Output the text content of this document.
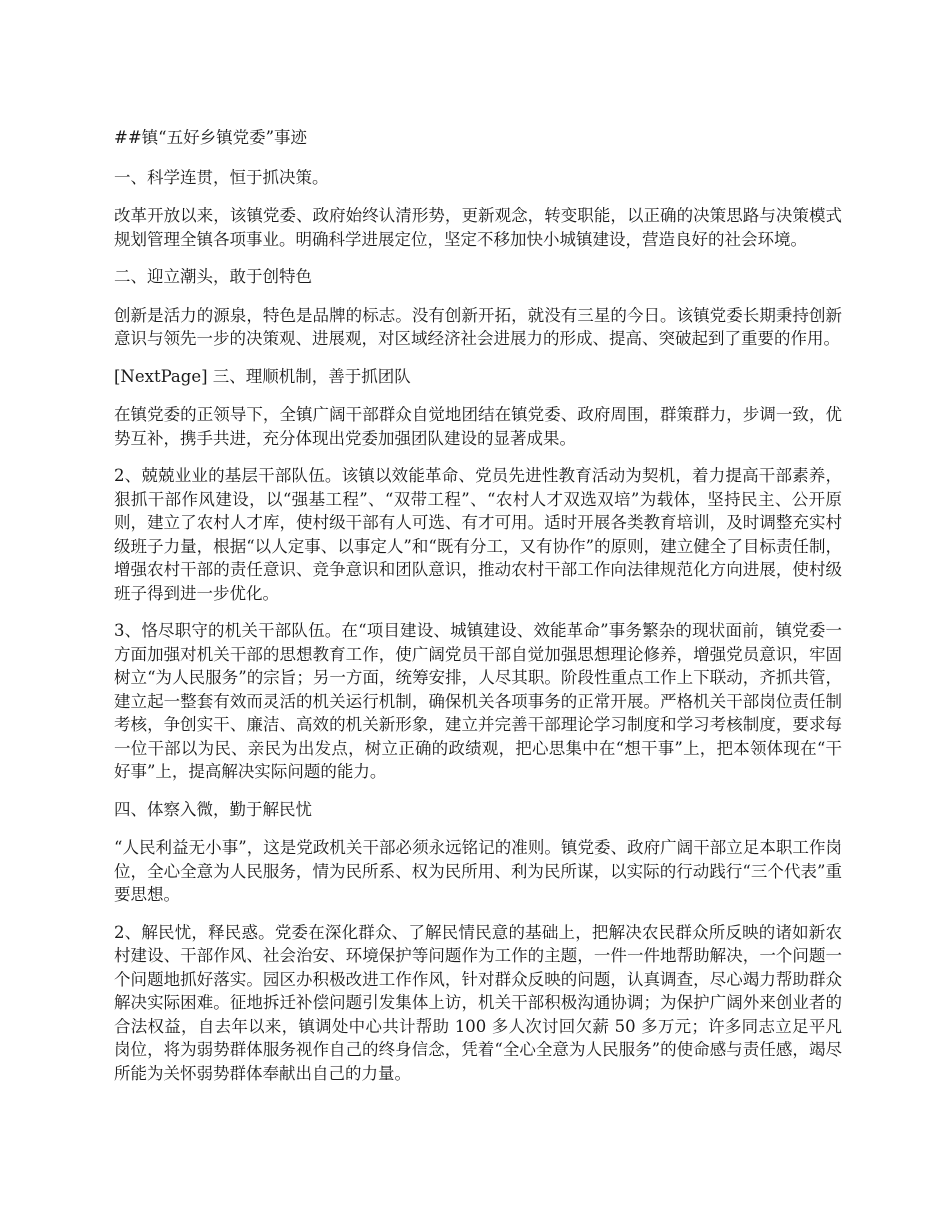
##镇“五好乡镇党委”事迹

一、科学连贯，恒于抓决策。

改革开放以来，该镇党委、政府始终认清形势，更新观念，转变职能，以正确的决策思路与决策模式规划管理全镇各项事业。明确科学进展定位，坚定不移加快小城镇建设，营造良好的社会环境。

二、迎立潮头，敢于创特色

创新是活力的源泉，特色是品牌的标志。没有创新开拓，就没有三星的今日。该镇党委长期秉持创新意识与领先一步的决策观、进展观，对区域经济社会进展力的形成、提高、突破起到了重要的作用。

[NextPage] 三、理顺机制，善于抓团队

在镇党委的正领导下，全镇广阔干部群众自觉地团结在镇党委、政府周围，群策群力，步调一致，优势互补，携手共进，充分体现出党委加强团队建设的显著成果。

2、兢兢业业的基层干部队伍。该镇以效能革命、党员先进性教育活动为契机，着力提高干部素养，狠抓干部作风建设，以“强基工程”、“双带工程”、“农村人才双选双培”为载体，坚持民主、公开原则，建立了农村人才库，使村级干部有人可选、有才可用。适时开展各类教育培训，及时调整充实村级班子力量，根据“以人定事、以事定人”和“既有分工，又有协作”的原则，建立健全了目标责任制，增强农村干部的责任意识、竞争意识和团队意识，推动农村干部工作向法律规范化方向进展，使村级班子得到进一步优化。

3、恪尽职守的机关干部队伍。在“项目建设、城镇建设、效能革命”事务繁杂的现状面前，镇党委一方面加强对机关干部的思想教育工作，使广阔党员干部自觉加强思想理论修养，增强党员意识，牢固树立“为人民服务”的宗旨；另一方面，统筹安排，人尽其职。阶段性重点工作上下联动，齐抓共管，建立起一整套有效而灵活的机关运行机制，确保机关各项事务的正常开展。严格机关干部岗位责任制考核，争创实干、廉洁、高效的机关新形象，建立并完善干部理论学习制度和学习考核制度，要求每一位干部以为民、亲民为出发点，树立正确的政绩观，把心思集中在“想干事”上，把本领体现在“干好事”上，提高解决实际问题的能力。

四、体察入微，勤于解民忧

“人民利益无小事”，这是党政机关干部必须永远铭记的准则。镇党委、政府广阔干部立足本职工作岗位，全心全意为人民服务，情为民所系、权为民所用、利为民所谋，以实际的行动践行“三个代表”重要思想。

2、解民忧，释民惑。党委在深化群众、了解民情民意的基础上，把解决农民群众所反映的诸如新农村建设、干部作风、社会治安、环境保护等问题作为工作的主题，一件一件地帮助解决，一个问题一个问题地抓好落实。园区办积极改进工作作风，针对群众反映的问题，认真调查，尽心竭力帮助群众解决实际困难。征地拆迁补偿问题引发集体上访，机关干部积极沟通协调；为保护广阔外来创业者的合法权益，自去年以来，镇调处中心共计帮助 100 多人次讨回欠薪 50 多万元；许多同志立足平凡岗位，将为弱势群体服务视作自己的终身信念，凭着“全心全意为人民服务”的使命感与责任感，竭尽所能为关怀弱势群体奉献出自己的力量。
